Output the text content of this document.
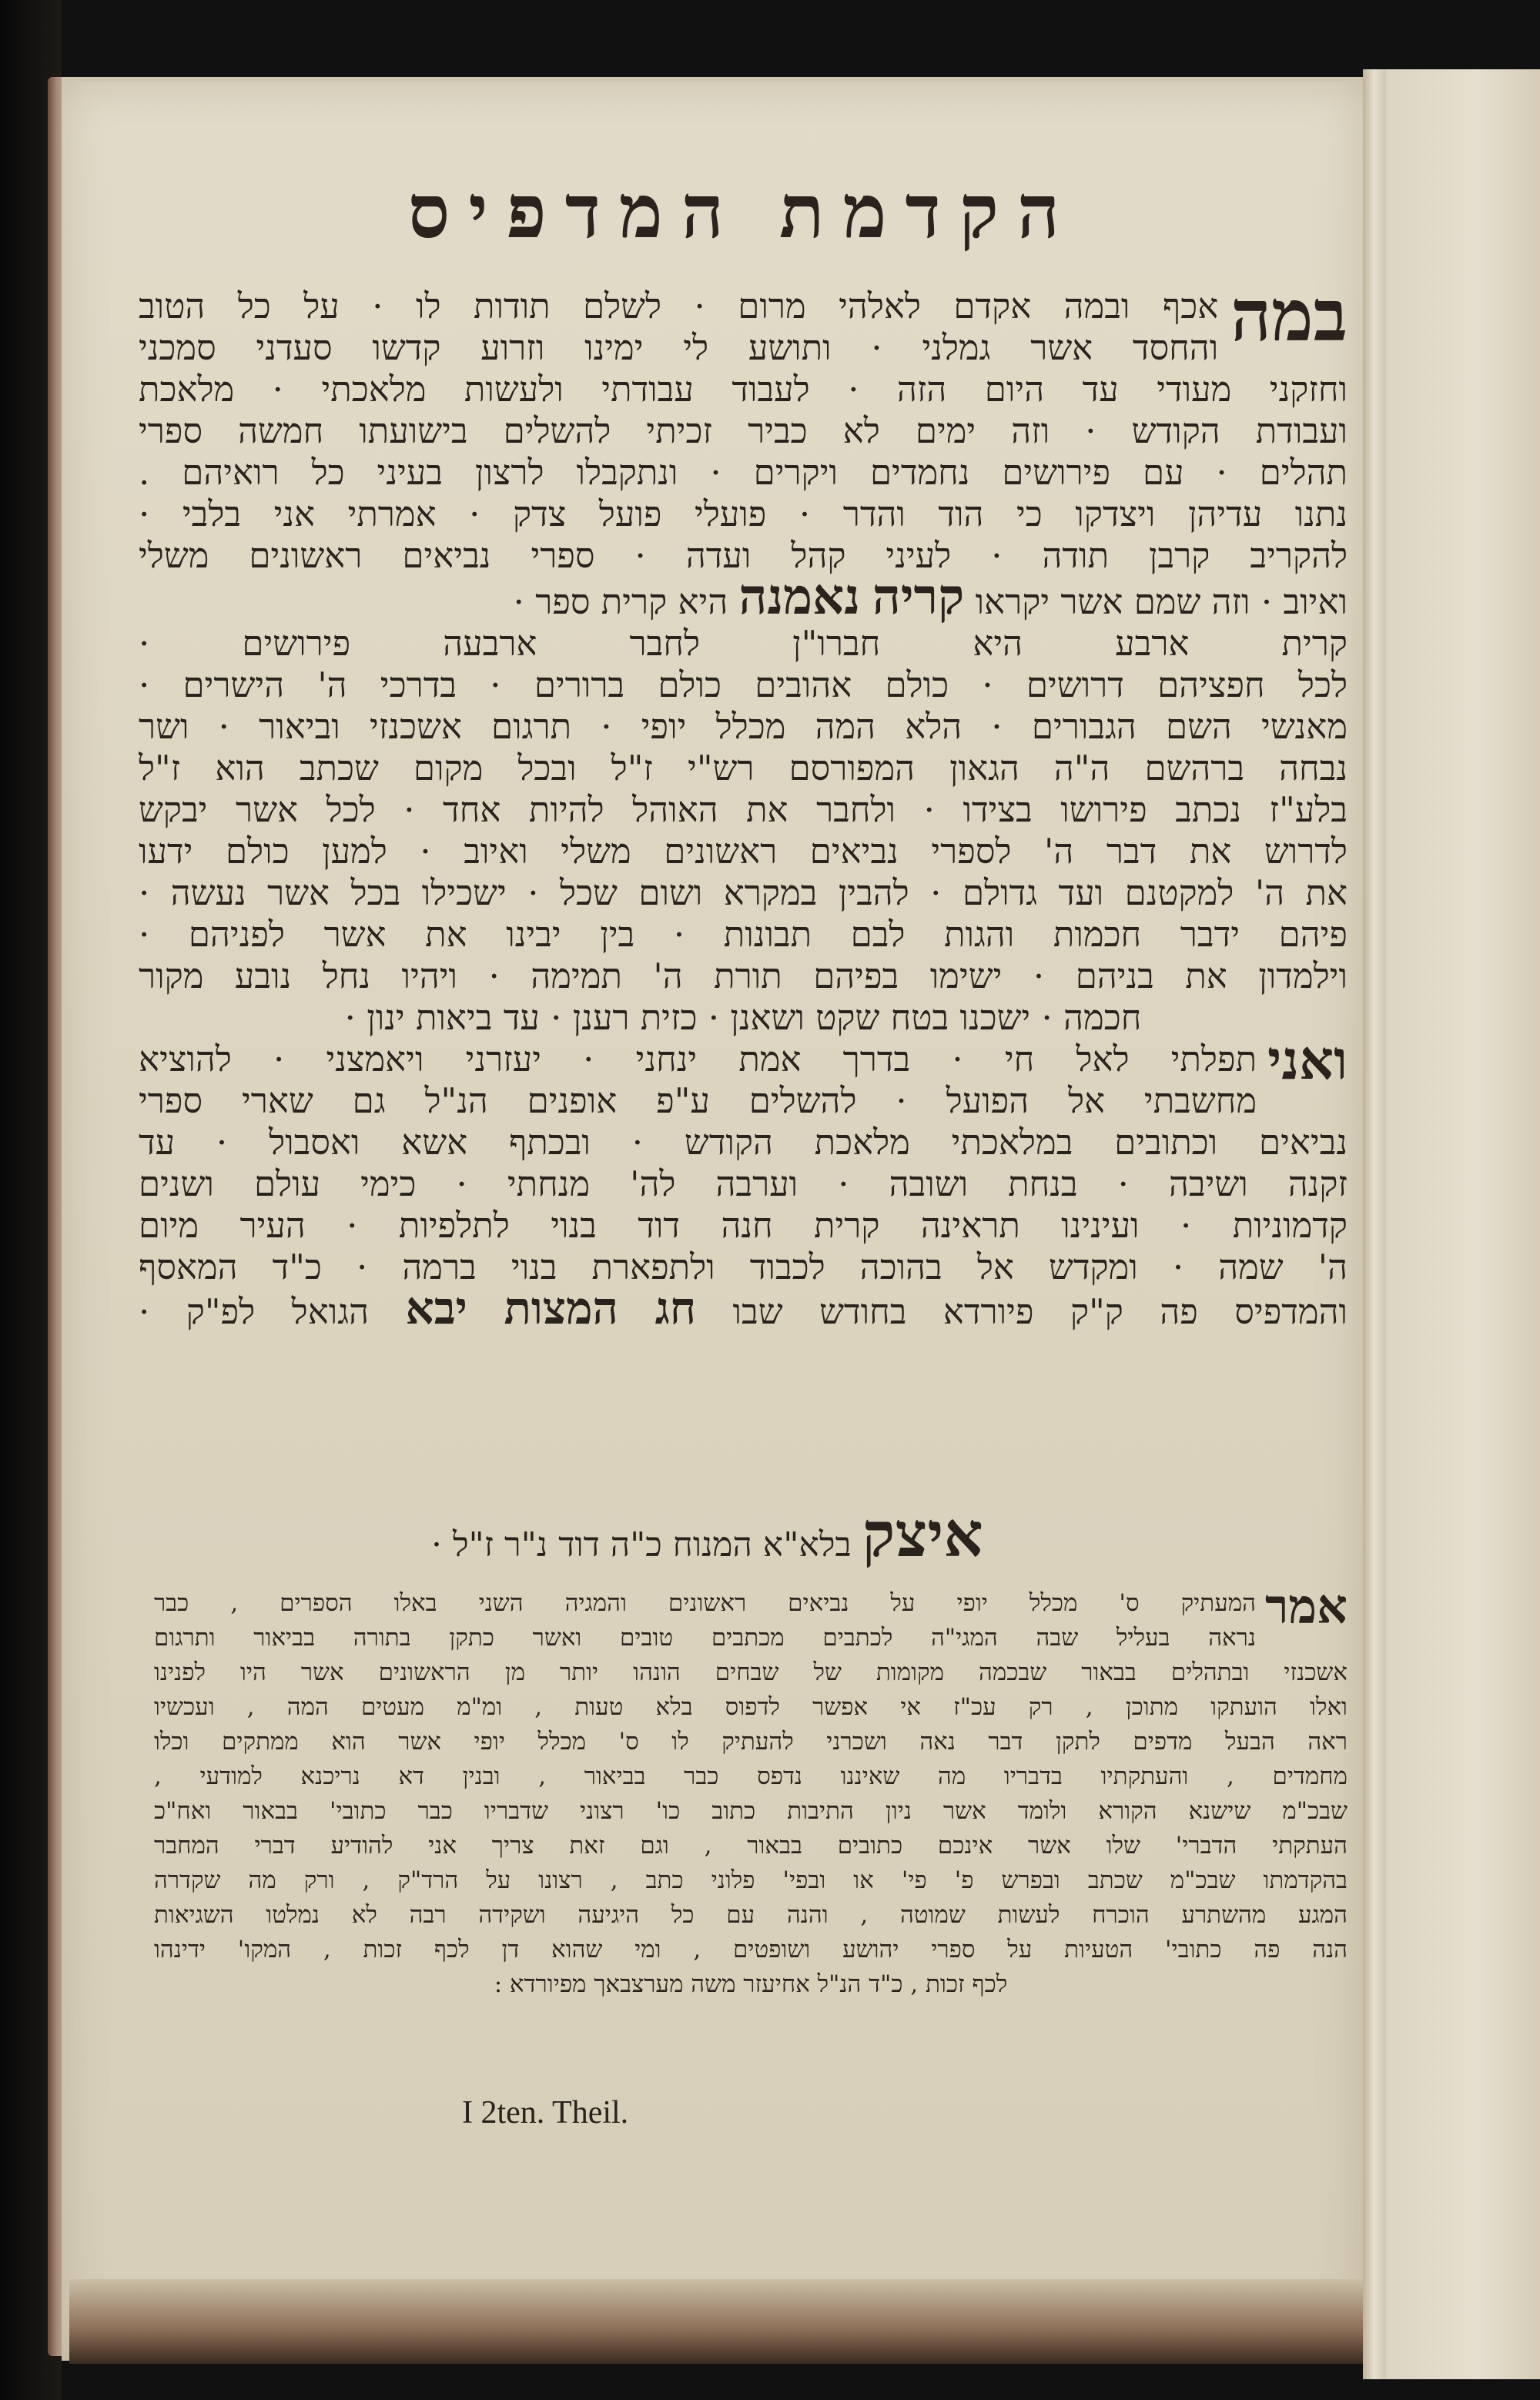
הקדמת המדפיס
במה
אכף ובמה אקדם לאלהי מרום · לשלם תודות לו · על כל הטוב
והחסד אשר גמלני · ותושע לי ימינו וזרוע קדשו סעדני סמכני
וחזקני מעודי עד היום הזה · לעבוד עבודתי ולעשות מלאכתי · מלאכת
ועבודת הקודש · וזה ימים לא כביר זכיתי להשלים בישועתו חמשה ספרי
תהלים · עם פירושים נחמדים ויקרים · ונתקבלו לרצון בעיני כל רואיהם .
נתנו עדיהן ויצדקו כי הוד והדר · פועלי פועל צדק · אמרתי אני בלבי ·
להקריב קרבן תודה · לעיני קהל ועדה · ספרי נביאים ראשונים משלי
ואיוב · וזה שמם אשר יקראו קריה נאמנה היא קרית ספר ·
קרית ארבע היא חברו"ן לחבר ארבעה פירושים ·
לכל חפציהם דרושים · כולם אהובים כולם ברורים · בדרכי ה' הישרים ·
מאנשי השם הגבורים · הלא המה מכלל יופי · תרגום אשכנזי וביאור · ושר
נבחה ברהשם ה"ה הגאון המפורסם רש"י ז"ל ובכל מקום שכתב הוא ז"ל
בלע"ז נכתב פירושו בצידו · ולחבר את האוהל להיות אחד · לכל אשר יבקש
לדרוש את דבר ה' לספרי נביאים ראשונים משלי ואיוב · למען כולם ידעו
את ה' למקטנם ועד גדולם · להבין במקרא ושום שכל · ישכילו בכל אשר נעשה ·
פיהם ידבר חכמות והגות לבם תבונות · בין יבינו את אשר לפניהם ·
וילמדון את בניהם · ישימו בפיהם תורת ה' תמימה · ויהיו נחל נובע מקור
חכמה · ישכנו בטח שקט ושאנן · כזית רענן · עד ביאות ינון ·
ואני
תפלתי לאל חי · בדרך אמת ינחני · יעזרני ויאמצני · להוציא
מחשבתי אל הפועל · להשלים ע"פ אופנים הנ"ל גם שארי ספרי
נביאים וכתובים במלאכתי מלאכת הקודש · ובכתף אשא ואסבול · עד
זקנה ושיבה · בנחת ושובה · וערבה לה' מנחתי · כימי עולם ושנים
קדמוניות · ועינינו תראינה קרית חנה דוד בנוי לתלפיות · העיר מיום
ה' שמה · ומקדש אל בהוכה לכבוד ולתפארת בנוי ברמה · כ"ד המאסף
והמדפיס פה ק"ק פיורדא בחודש שבו חג המצות יבא הגואל לפ"ק ·
איצק בלא"א המנוח כ"ה דוד נ"ר ז"ל ·
אמר
המעתיק ס' מכלל יופי על נביאים ראשונים והמגיה השני באלו הספרים , כבר
נראה בעליל שבה המגי"ה לכתבים מכתבים טובים ואשר כתקן בתורה בביאור ותרגום
אשכנזי ובתהלים בבאור שבכמה מקומות של שבחים הונהו יותר מן הראשונים אשר היו לפנינו
ואלו הועתקו מתוכן , רק עכ"ז אי אפשר לדפוס בלא טעות , ומ"מ מעטים המה , ועכשיו
ראה הבעל מדפים לתקן דבר נאה ושכרני להעתיק לו ס' מכלל יופי אשר הוא ממתקים וכלו
מחמדים , והעתקתיו בדבריו מה שאיננו נדפס כבר בביאור , ובנין דא נריכנא למודעי ,
שבכ"מ שישנא הקורא ולומד אשר ניון התיבות כתוב כו' רצוני שדבריו כבר כתובי' בבאור ואח"כ
העתקתי הדברי' שלו אשר אינכם כתובים בבאור , וגם זאת צריך אני להודיע דברי המחבר
בהקדמתו שבכ"מ שכתב ובפרש פ' פי' או ובפי' פלוני כתב , רצונו על הרד"ק , ורק מה שקדרה
המגע מהשתרע הוכרח לעשות שמוטה , והנה עם כל היגיעה ושקידה רבה לא נמלטו השגיאות
הנה פה כתובי' הטעיות על ספרי יהושע ושופטים , ומי שהוא דן לכף זכות , המקו' ידינהו
לכף זכות , כ"ד הנ"ל אחיעזר משה מערצבאך מפיורדא :
I 2ten. Theil.
